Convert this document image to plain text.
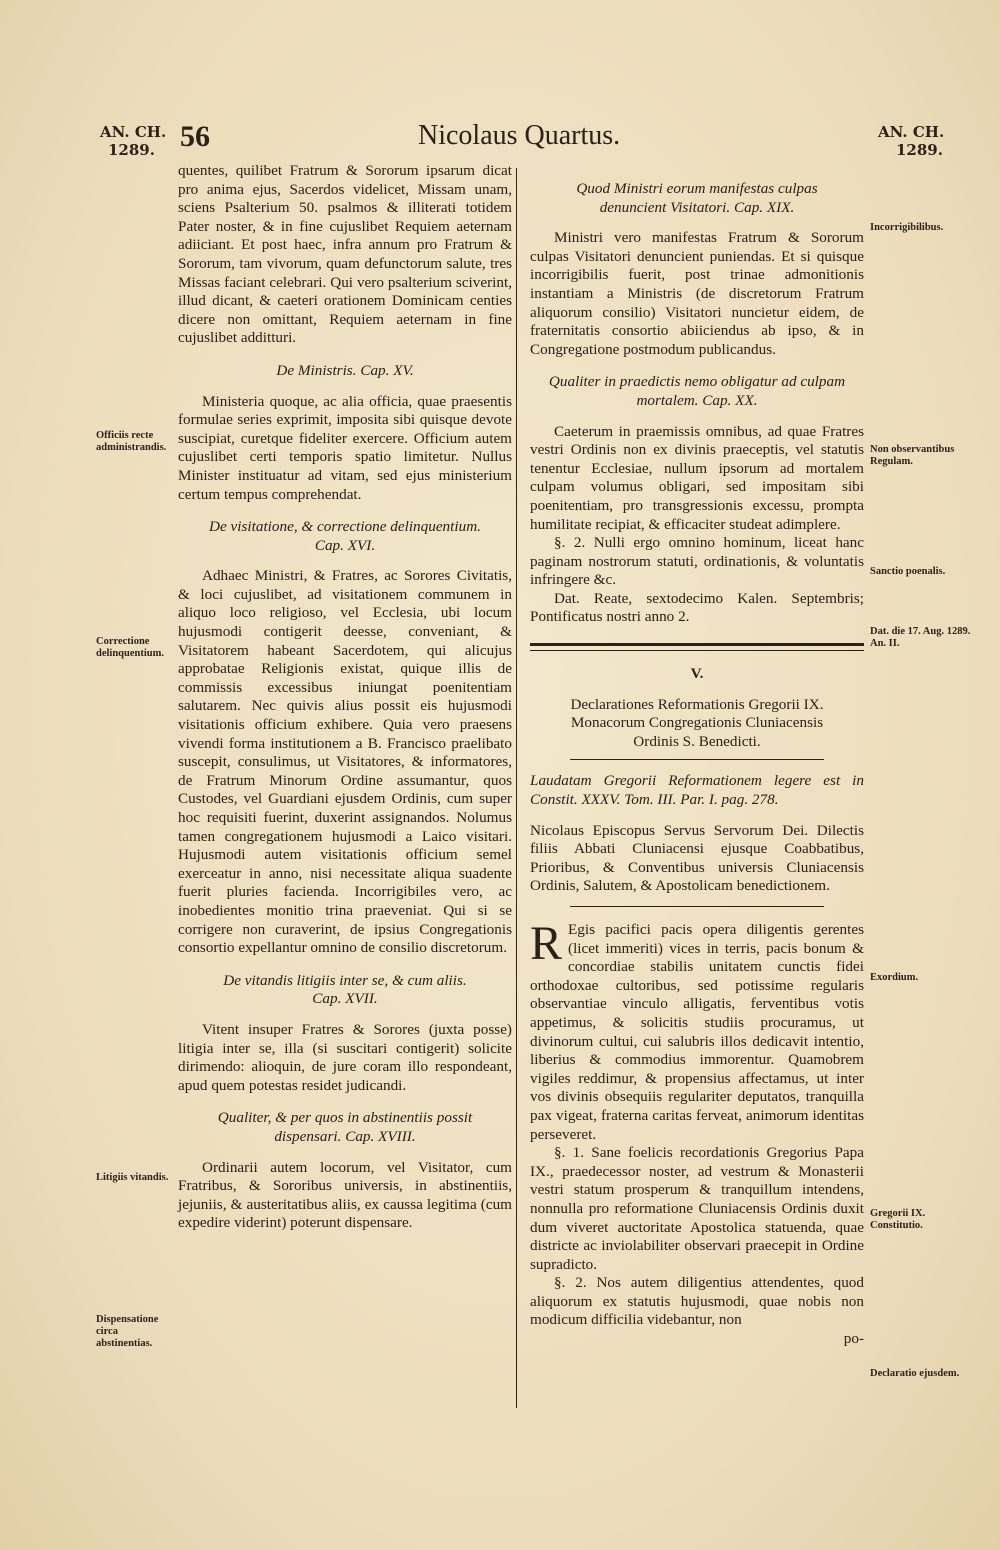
AN. CH.
1289. 56	Nicolaus Quartus.	AN. CH.
1289.
Officiis recte administrandis.
Correctione delinquentium.
Litigiis vitandis.
Dispensatione circa abstinentias.
Incorrigibilibus.
Non observantibus Regulam.
Sanctio poenalis.
Dat. die 17. Aug. 1289. An. II.
Exordium.
Gregorii IX. Constitutio.
Declaratio ejusdem.

quentes, quilibet Fratrum & Sororum ipsarum dicat pro anima ejus, Sacerdos videlicet, Missam unam, sciens Psalterium 50. psalmos & illiterati totidem Pater noster, & in fine cujuslibet Requiem aeternam adiiciant. Et post haec, infra annum pro Fratrum & Sororum, tam vivorum, quam defunctorum salute, tres Missas faciant celebrari. Qui vero psalterium sciverint, illud dicant, & caeteri orationem Dominicam centies dicere non omittant, Requiem aeternam in fine cujuslibet additturi.

De Ministris. Cap. XV.

Ministeria quoque, ac alia officia, quae praesentis formulae series exprimit, imposita sibi quisque devote suscipiat, curetque fideliter exercere. Officium autem cujuslibet certi temporis spatio limitetur. Nullus Minister instituatur ad vitam, sed ejus ministerium certum tempus comprehendat.

De visitatione, & correctione delinquentium.

Cap. XVI.

Adhaec Ministri, & Fratres, ac Sorores Civitatis, & loci cujuslibet, ad visitationem communem in aliquo loco religioso, vel Ecclesia, ubi locum hujusmodi contigerit deesse, conveniant, & Visitatorem habeant Sacerdotem, qui alicujus approbatae Religionis existat, quique illis de commissis excessibus iniungat poenitentiam salutarem. Nec quivis alius possit eis hujusmodi visitationis officium exhibere. Quia vero praesens vivendi forma institutionem a B. Francisco praelibato suscepit, consulimus, ut Visitatores, & informatores, de Fratrum Minorum Ordine assumantur, quos Custodes, vel Guardiani ejusdem Ordinis, cum super hoc requisiti fuerint, duxerint assignandos. Nolumus tamen congregationem hujusmodi a Laico visitari. Hujusmodi autem visitationis officium semel exerceatur in anno, nisi necessitate aliqua suadente fuerit pluries facienda. Incorrigibiles vero, ac inobedientes monitio trina praeveniat. Qui si se corrigere non curaverint, de ipsius Congregationis consortio expellantur omnino de consilio discretorum.

De vitandis litigiis inter se, & cum aliis.

Cap. XVII.

Vitent insuper Fratres & Sorores (juxta posse) litigia inter se, illa (si suscitari contigerit) solicite dirimendo: alioquin, de jure coram illo respondeant, apud quem potestas residet judicandi.

Qualiter, & per quos in abstinentiis possit

dispensari. Cap. XVIII.

Ordinarii autem locorum, vel Visitator, cum Fratribus, & Sororibus universis, in abstinentiis, jejuniis, & austeritatibus aliis, ex caussa legitima (cum expedire viderint) poterunt dispensare.

Quod Ministri eorum manifestas culpas

denuncient Visitatori. Cap. XIX.

Ministri vero manifestas Fratrum & Sororum culpas Visitatori denuncient puniendas. Et si quisque incorrigibilis fuerit, post trinae admonitionis instantiam a Ministris (de discretorum Fratrum aliquorum consilio) Visitatori nuncietur eidem, de fraternitatis consortio abiiciendus ab ipso, & in Congregatione postmodum publicandus.

Qualiter in praedictis nemo obligatur ad culpam

mortalem. Cap. XX.

Caeterum in praemissis omnibus, ad quae Fratres vestri Ordinis non ex divinis praeceptis, vel statutis tenentur Ecclesiae, nullum ipsorum ad mortalem culpam volumus obligari, sed impositam sibi poenitentiam, pro transgressionis excessu, prompta humilitate recipiat, & efficaciter studeat adimplere.

§. 2. Nulli ergo omnino hominum, liceat hanc paginam nostrorum statuti, ordinationis, & voluntatis infringere &c.

Dat. Reate, sextodecimo Kalen. Septembris; Pontificatus nostri anno 2.

V.

Declarationes Reformationis Gregorii IX.

Monacorum Congregationis Cluniacensis

Ordinis S. Benedicti.

Laudatam Gregorii Reformationem legere est in Constit. XXXV. Tom. III. Par. I. pag. 278.

Nicolaus Episcopus Servus Servorum Dei. Dilectis filiis Abbati Cluniacensi ejusque Coabbatibus, Prioribus, & Conventibus universis Cluniacensis Ordinis, Salutem, & Apostolicam benedictionem.

R Egis pacifici pacis opera diligentis gerentes (licet immeriti) vices in terris, pacis bonum & concordiae stabilis unitatem cunctis fidei orthodoxae cultoribus, sed potissime regularis observantiae vinculo alligatis, ferventibus votis appetimus, & solicitis studiis procuramus, ut divinorum cultui, cui salubris illos dedicavit intentio, liberius & commodius immorentur. Quamobrem vigiles reddimur, & propensius affectamus, ut inter vos divinis obsequiis regulariter deputatos, tranquilla pax vigeat, fraterna caritas ferveat, animorum identitas perseveret.

§. 1. Sane foelicis recordationis Gregorius Papa IX., praedecessor noster, ad vestrum & Monasterii vestri statum prosperum & tranquillum intendens, nonnulla pro reformatione Cluniacensis Ordinis duxit dum viveret auctoritate Apostolica statuenda, quae districte ac inviolabiliter observari praecepit in Ordine supradicto.

§. 2. Nos autem diligentius attendentes, quod aliquorum ex statutis hujusmodi, quae nobis non modicum difficilia videbantur, non

po-
